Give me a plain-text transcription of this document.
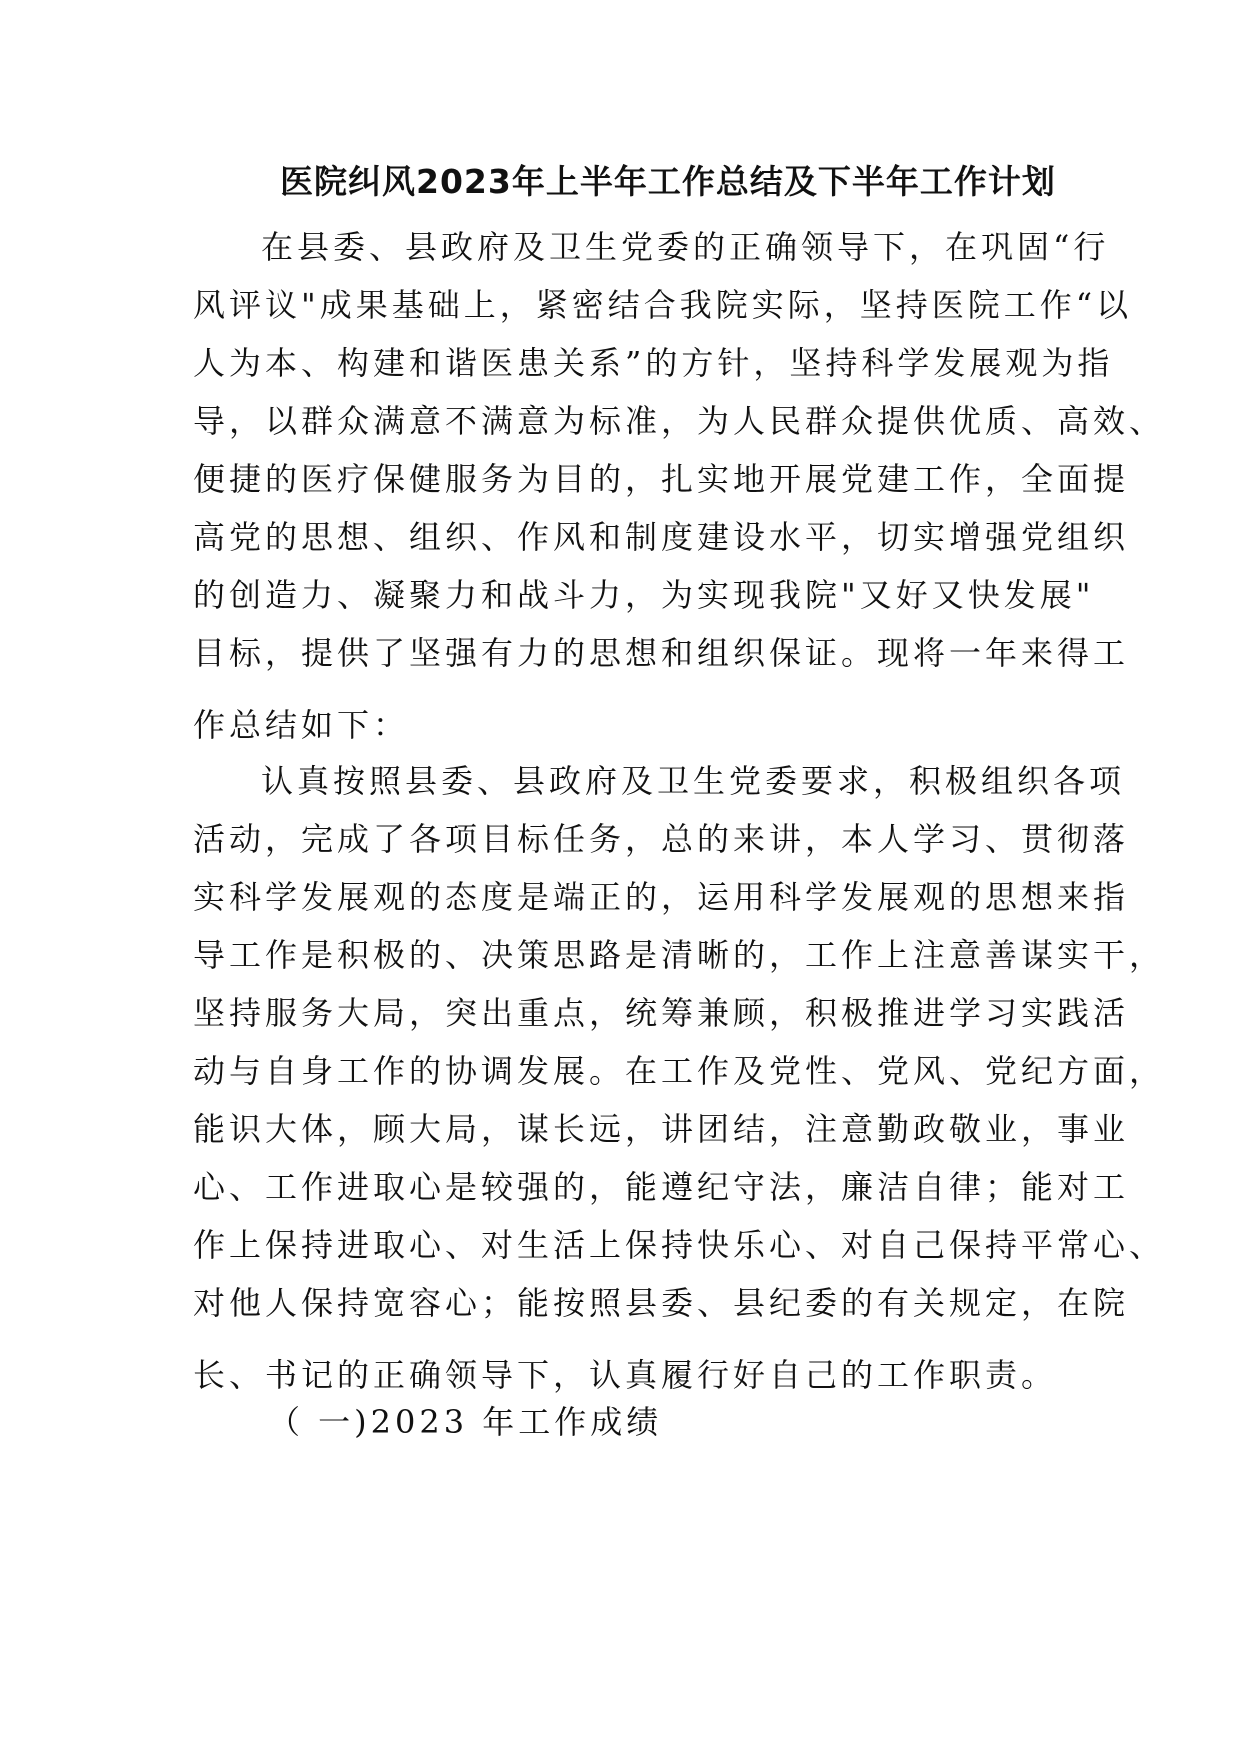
医院纠风2023年上半年工作总结及下半年工作计划
在县委、县政府及卫生党委的正确领导下，在巩固“行
风评议"成果基础上，紧密结合我院实际，坚持医院工作“以
人为本、构建和谐医患关系”的方针，坚持科学发展观为指
导，以群众满意不满意为标准，为人民群众提供优质、高效、
便捷的医疗保健服务为目的，扎实地开展党建工作，全面提
高党的思想、组织、作风和制度建设水平，切实增强党组织
的创造力、凝聚力和战斗力，为实现我院"又好又快发展"
目标，提供了坚强有力的思想和组织保证。现将一年来得工
作总结如下：
认真按照县委、县政府及卫生党委要求，积极组织各项
活动，完成了各项目标任务，总的来讲，本人学习、贯彻落
实科学发展观的态度是端正的，运用科学发展观的思想来指
导工作是积极的、决策思路是清晰的，工作上注意善谋实干，
坚持服务大局，突出重点，统筹兼顾，积极推进学习实践活
动与自身工作的协调发展。在工作及党性、党风、党纪方面，
能识大体，顾大局，谋长远，讲团结，注意勤政敬业，事业
心、工作进取心是较强的，能遵纪守法，廉洁自律；能对工
作上保持进取心、对生活上保持快乐心、对自己保持平常心、
对他人保持宽容心；能按照县委、县纪委的有关规定，在院
长、书记的正确领导下，认真履行好自己的工作职责。
（ 一)2023 年工作成绩
